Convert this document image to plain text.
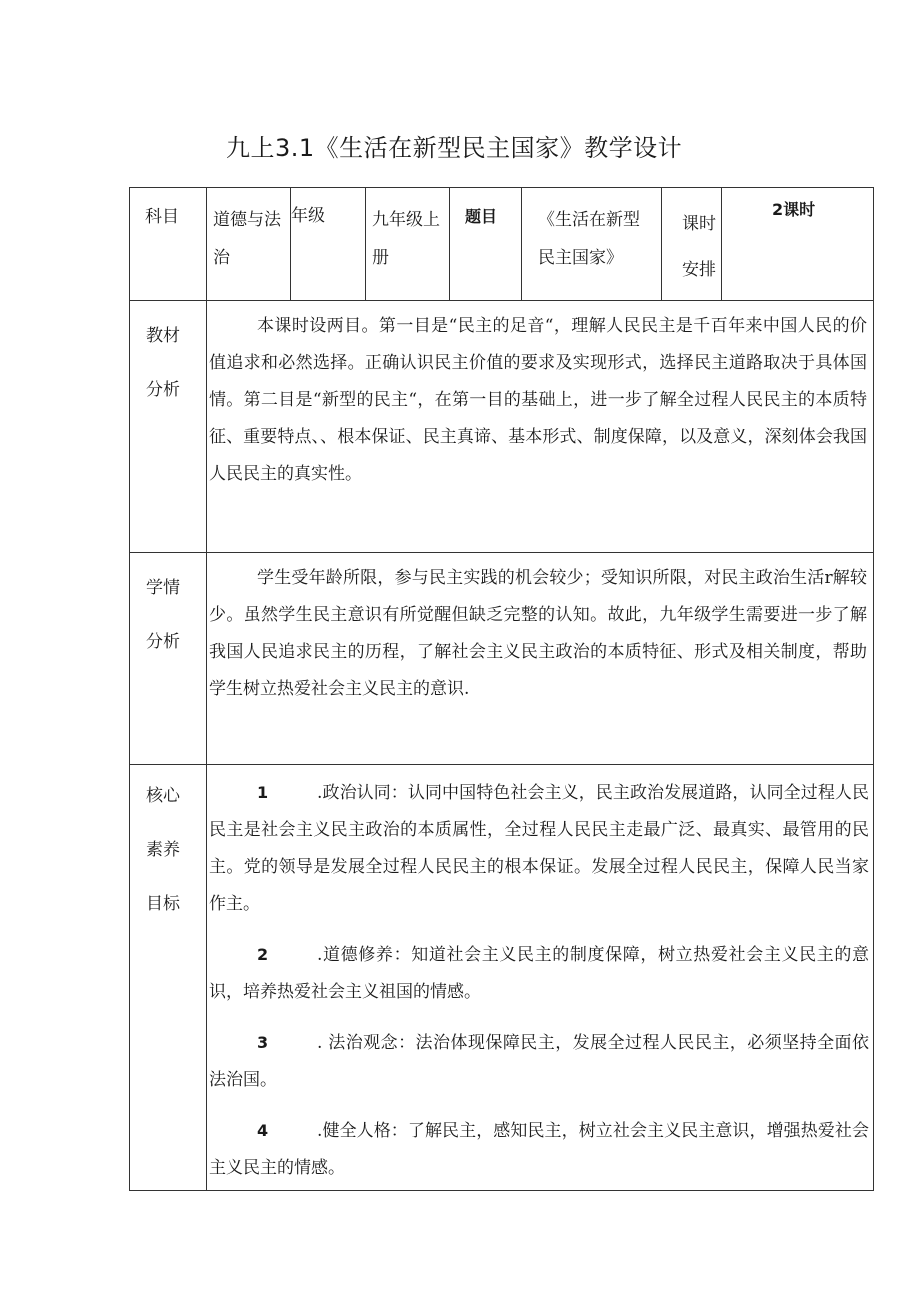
九上3.1《生活在新型民主国家》教学设计
科目	道德与法治	年级	九年级上册	题目	《生活在新型民主国家》	课时安排	2课时

教材分析	本课时设两目。第一目是“民主的足音“，理解人民民主是千百年来中国人民的价值追求和必然选择。正确认识民主价值的要求及实现形式，选择民主道路取决于具体国情。第二目是“新型的民主“，在第一目的基础上，进一步了解全过程人民民主的本质特征、重要特点、、根本保证、民主真谛、基本形式、制度保障，以及意义，深刻体会我国人民民主的真实性。						

学情分析	学生受年龄所限，参与民主实践的机会较少；受知识所限，对民主政治生活r解较少。虽然学生民主意识有所觉醒但缺乏完整的认知。故此，九年级学生需要进一步了解我国人民追求民主的历程，了解社会主义民主政治的本质特征、形式及相关制度，帮助学生树立热爱社会主义民主的意识.						

核心素养目标	1 .政治认同：认同中国特色社会主义，民主政治发展道路，认同全过程人民民主是社会主义民主政治的本质属性，全过程人民民主走最广泛、最真实、最管用的民主。党的领导是发展全过程人民民主的根本保证。发展全过程人民民主，保障人民当家作主。
2 .道德修养：知道社会主义民主的制度保障，树立热爱社会主义民主的意识，培养热爱社会主义祖国的情感。
3 . 法治观念：法治体现保障民主，发展全过程人民民主，必须坚持全面依法治国。
4 .健全人格：了解民主，感知民主，树立社会主义民主意识，增强热爱社会主义民主的情感。						
